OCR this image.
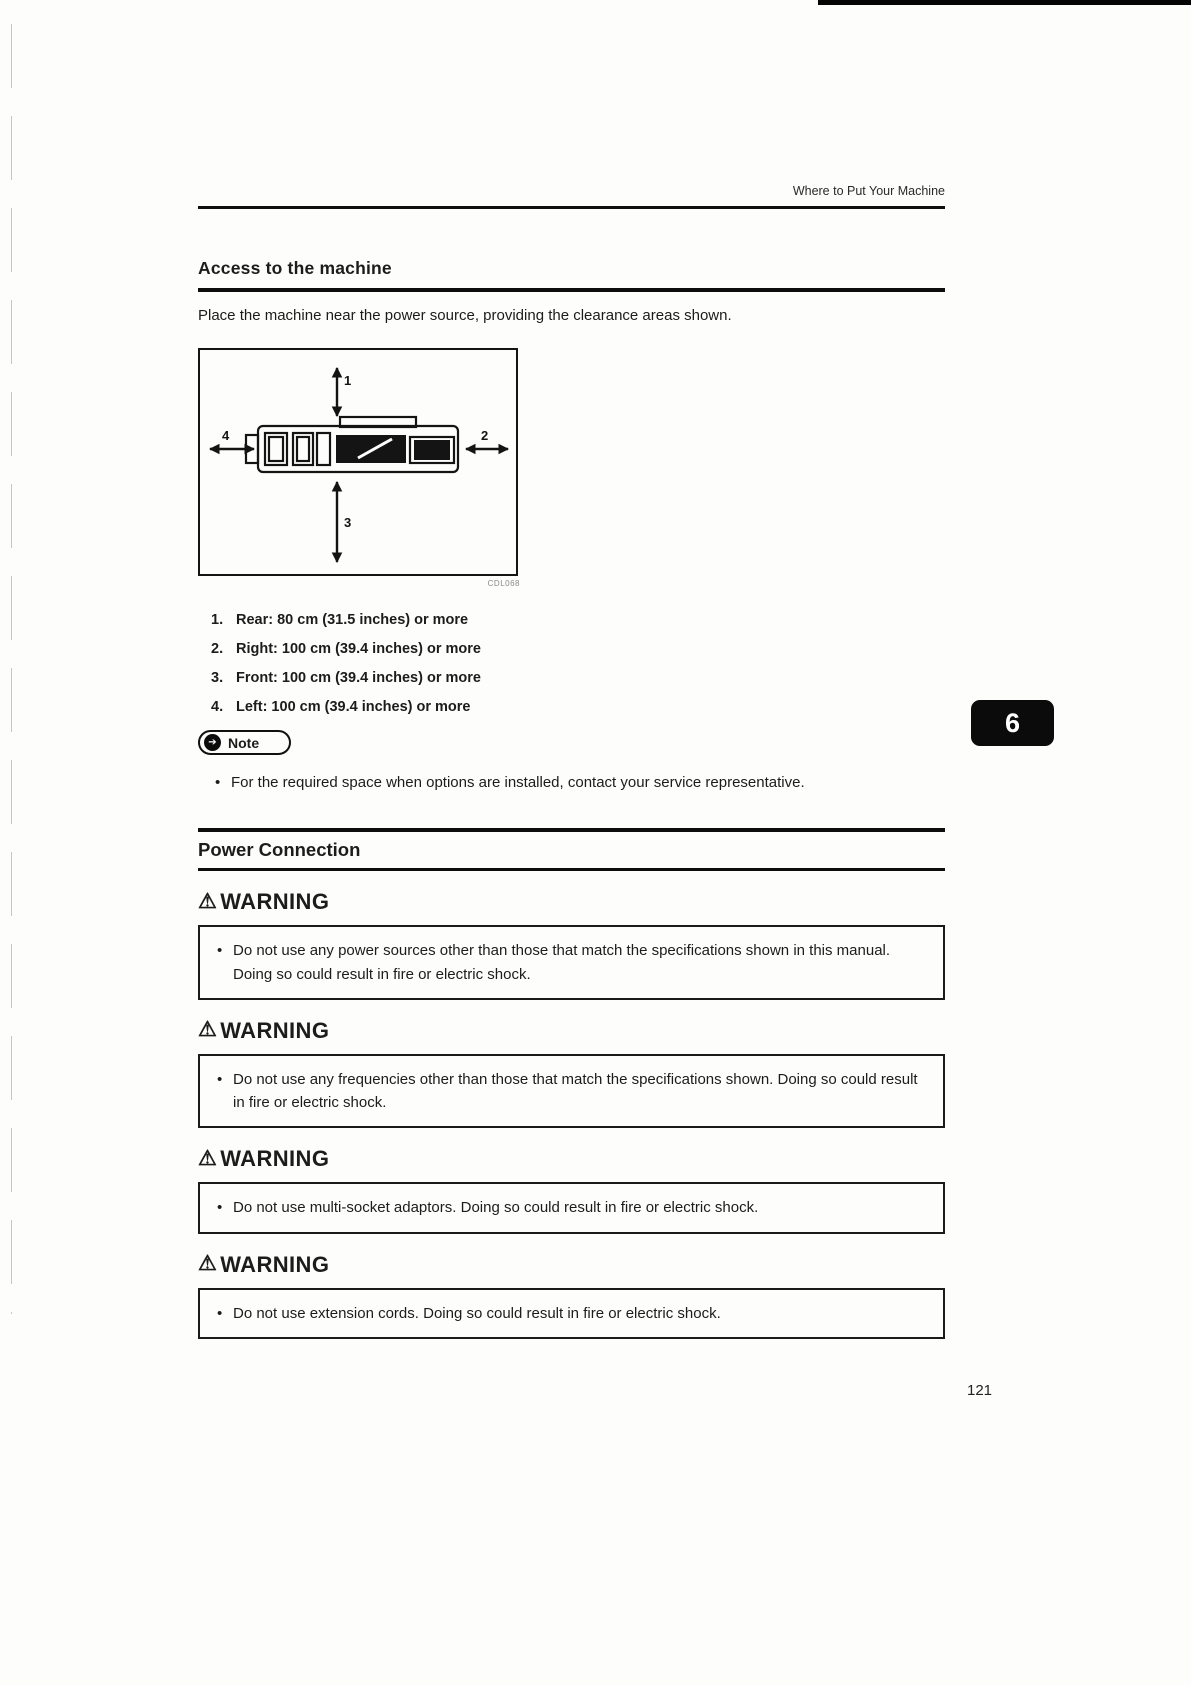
Where to Put Your Machine
Access to the machine

Place the machine near the power source, providing the clearance areas shown.

1
2
3
4
CDL068
1. Rear: 80 cm (31.5 inches) or more
2. Right: 100 cm (39.4 inches) or more
3. Front: 100 cm (39.4 inches) or more
4. Left: 100 cm (39.4 inches) or more
➔ Note
• For the required space when options are installed, contact your service representative.
Power Connection
⚠ WARNING
• Do not use any power sources other than those that match the specifications shown in this manual. Doing so could result in fire or electric shock.
⚠ WARNING
• Do not use any frequencies other than those that match the specifications shown. Doing so could result in fire or electric shock.
⚠ WARNING
• Do not use multi-socket adaptors. Doing so could result in fire or electric shock.
⚠ WARNING
• Do not use extension cords. Doing so could result in fire or electric shock.
6
121
